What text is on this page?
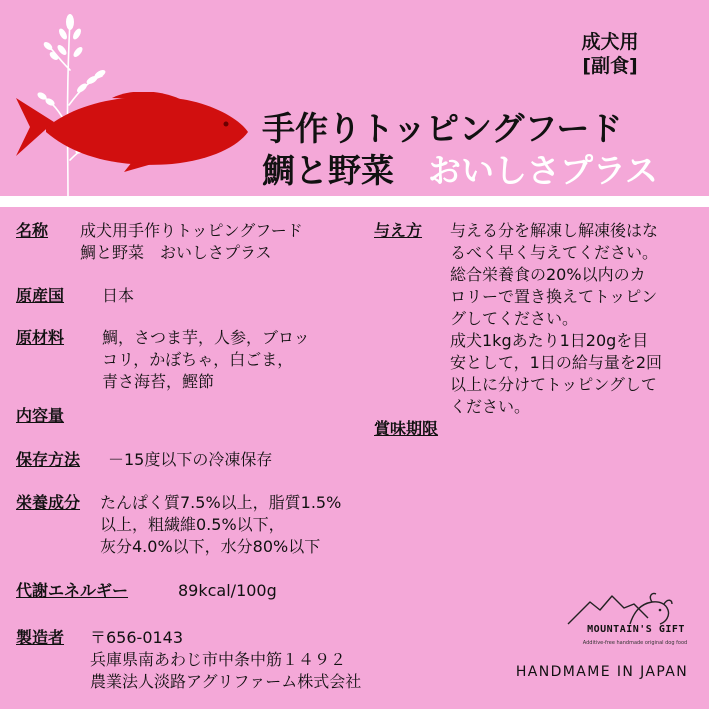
成犬用
[副食]
手作りトッピングフード
鯛と野菜 おいしさプラス
名称 成犬用手作りトッピングフード
鯛と野菜　おいしさプラス
原産国 日本
原材料 鯛，さつま芋，人参，ブロッ
コリ，かぼちゃ，白ごま，
青さ海苔，鰹節
内容量
保存方法 －15度以下の冷凍保存
栄養成分 たんぱく質7.5%以上，脂質1.5%
以上，粗繊維0.5%以下，
灰分4.0%以下，水分80%以下
代謝エネルギー	89kcal/100g
製造者 〒656-0143
兵庫県南あわじ市中条中筋１４９２
農業法人淡路アグリファーム株式会社
与え方 与える分を解凍し解凍後はな
るべく早く与えてください。
総合栄養食の20%以内のカ
ロリーで置き換えてトッピン
グしてください。
成犬1kgあたり1日20gを目
安として，1日の給与量を2回
以上に分けてトッピングして
ください。
賞味期限
MOUNTAIN'S GIFT
Additive-free handmade original dog food
HANDMAME IN JAPAN
